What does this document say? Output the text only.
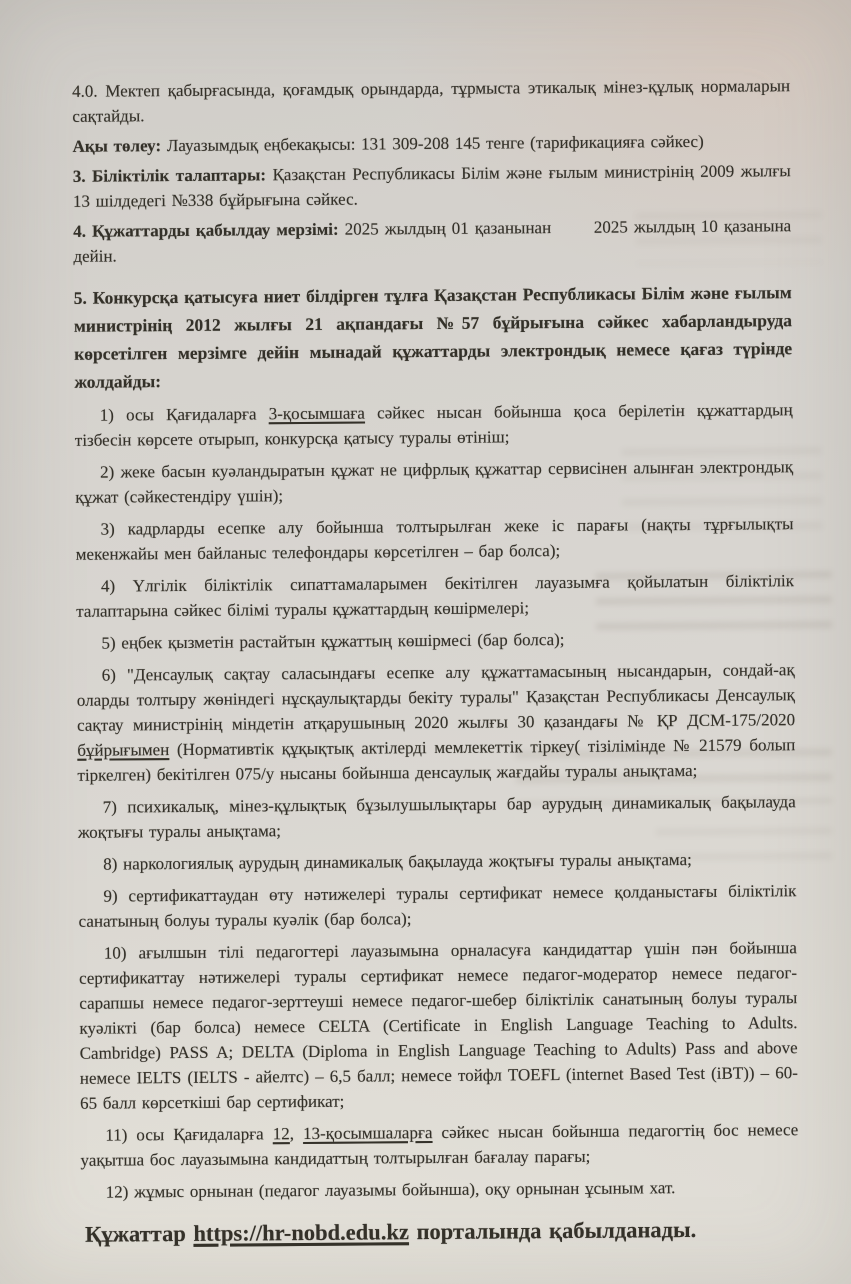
4.0. Мектеп қабырғасында, қоғамдық орындарда, тұрмыста этикалық мінез-құлық нормаларын сақтайды.

Ақы төлеу: Лауазымдық еңбекақысы: 131 309-208 145 тенге (тарификацияға сәйкес)

3. Біліктілік талаптары: Қазақстан Республикасы Білім және ғылым министрінің 2009 жылғы 13 шілдедегі №338 бұйрығына сәйкес.

4. Құжаттарды қабылдау мерзімі: 2025 жылдың 01 қазанынан       2025 жылдың 10 қазанына дейін.

5. Конкурсқа қатысуға ниет білдірген тұлға Қазақстан Республикасы Білім және ғылым министрінің 2012 жылғы 21 ақпандағы №57 бұйрығына сәйкес хабарландыруда көрсетілген мерзімге дейін мынадай құжаттарды электрондық немесе қағаз түрінде жолдайды:

1) осы Қағидаларға 3-қосымшаға сәйкес нысан бойынша қоса берілетін құжаттардың тізбесін көрсете отырып, конкурсқа қатысу туралы өтініш;

2) жеке басын куәландыратын құжат не цифрлық құжаттар сервисінен алынған электрондық құжат (сәйкестендіру үшін);

3) кадрларды есепке алу бойынша толтырылған жеке іс парағы (нақты тұрғылықты мекенжайы мен байланыс телефондары көрсетілген – бар болса);

4) Үлгілік біліктілік сипаттамаларымен бекітілген лауазымға қойылатын біліктілік талаптарына сәйкес білімі туралы құжаттардың көшірмелері;

5) еңбек қызметін растайтын құжаттың көшірмесі (бар болса);

6) "Денсаулық сақтау саласындағы есепке алу құжаттамасының нысандарын, сондай-ақ оларды толтыру жөніндегі нұсқаулықтарды бекіту туралы" Қазақстан Республикасы Денсаулық сақтау министрінің міндетін атқарушының 2020 жылғы 30 қазандағы № ҚР ДСМ-175/2020 бұйрығымен (Нормативтік құқықтық актілерді мемлекеттік тіркеу( тізілімінде № 21579 болып тіркелген) бекітілген 075/у нысаны бойынша денсаулық жағдайы туралы анықтама;

7) психикалық, мінез-құлықтық бұзылушылықтары бар аурудың динамикалық бақылауда жоқтығы туралы анықтама;

8) наркологиялық аурудың динамикалық бақылауда жоқтығы туралы анықтама;

9) сертификаттаудан өту нәтижелері туралы сертификат немесе қолданыстағы біліктілік санатының болуы туралы куәлік (бар болса);

10) ағылшын тілі педагогтері лауазымына орналасуға кандидаттар үшін пән бойынша сертификаттау нәтижелері туралы сертификат немесе педагог-модератор немесе педагог-сарапшы немесе педагог-зерттеуші немесе педагог-шебер біліктілік санатының болуы туралы куәлікті (бар болса) немесе CELTA (Certificate in English Language Teaching to Adults. Cambridge) PASS A; DELTA (Diploma in English Language Teaching to Adults) Pass and above немесе IELTS (IELTS - айелтс) – 6,5 балл; немесе тойфл TOEFL (internet Based Test (iBT)) – 60-65 балл көрсеткіші бар сертификат;

11) осы Қағидаларға 12, 13-қосымшаларға сәйкес нысан бойынша педагогтің бос немесе уақытша бос лауазымына кандидаттың толтырылған бағалау парағы;

12) жұмыс орнынан (педагог лауазымы бойынша), оқу орнынан ұсыным хат.

Құжаттар https://hr-nobd.edu.kz порталында қабылданады.
